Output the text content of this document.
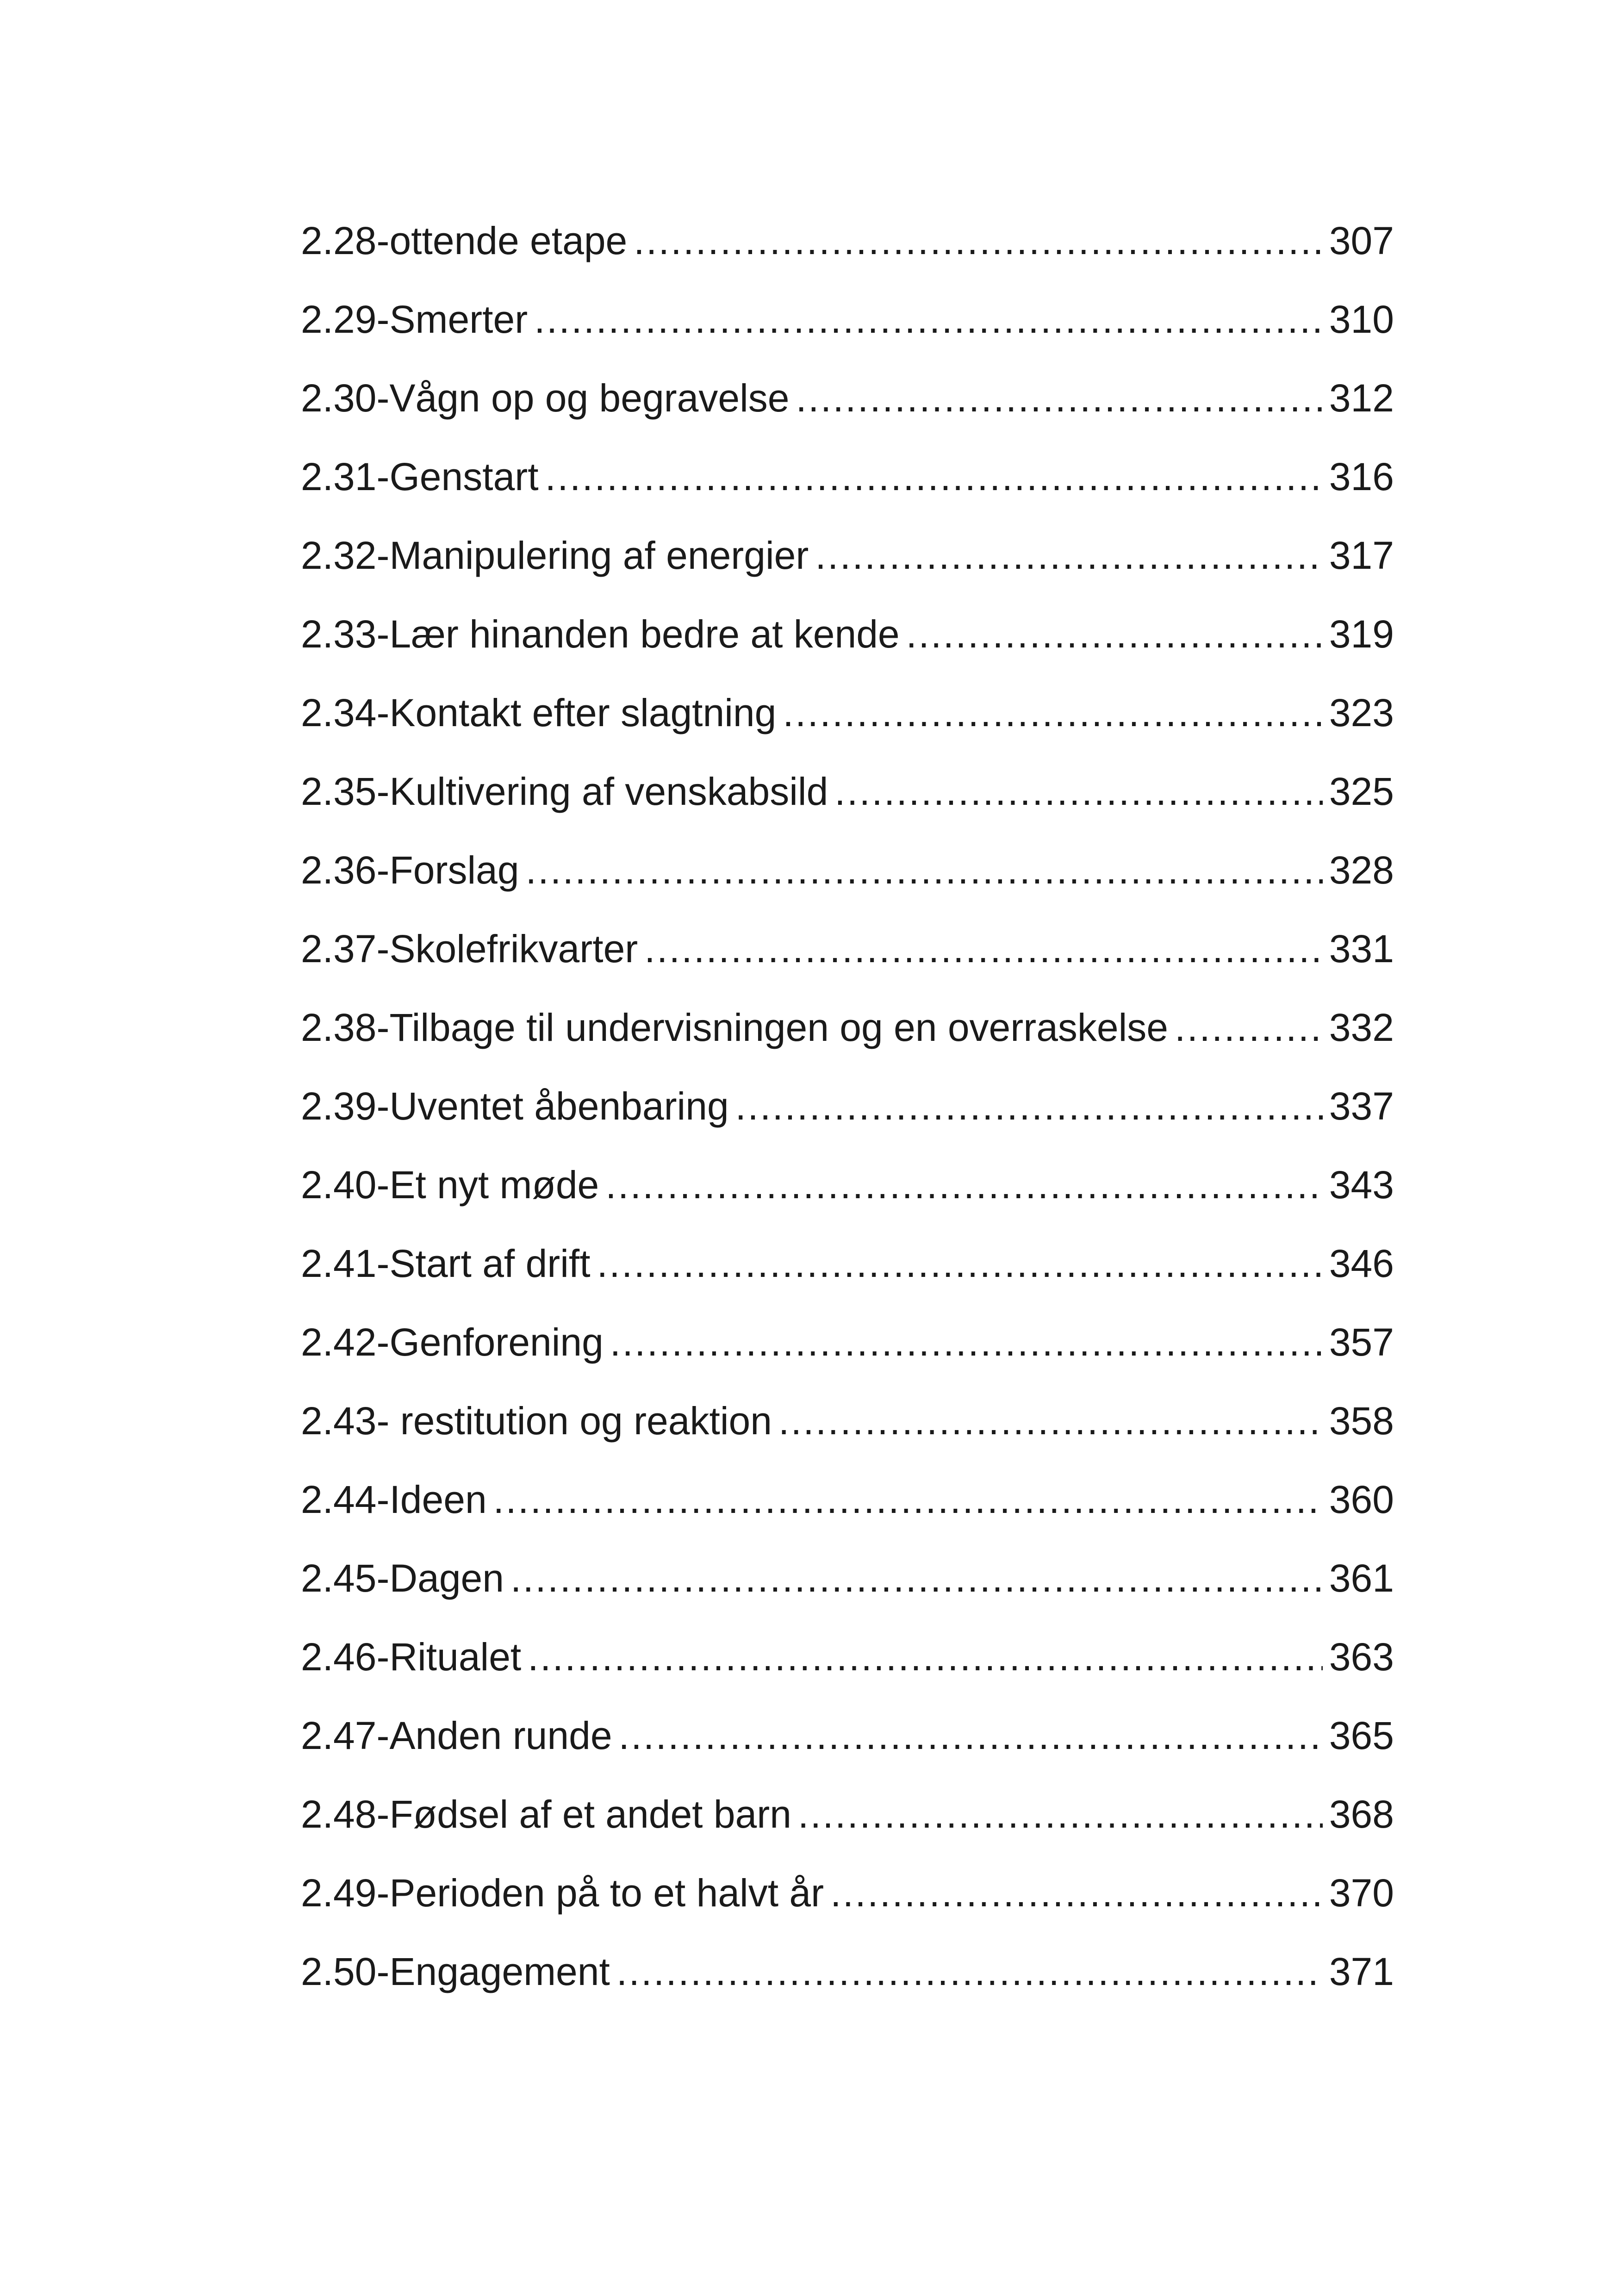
2.28-ottende etape . . .	307
2.29-Smerter . . .	310
2.30-Vågn op og begravelse . . .	312
2.31-Genstart . . .	316
2.32-Manipulering af energier . . .	317
2.33-Lær hinanden bedre at kende . . .	319
2.34-Kontakt efter slagtning . . .	323
2.35-Kultivering af venskabsild . . .	325
2.36-Forslag . . .	328
2.37-Skolefrikvarter . . .	331
2.38-Tilbage til undervisningen og en overraskelse . . .	332
2.39-Uventet åbenbaring . . .	337
2.40-Et nyt møde . . .	343
2.41-Start af drift . . .	346
2.42-Genforening . . .	357
2.43- restitution og reaktion . . .	358
2.44-Ideen . . .	360
2.45-Dagen . . .	361
2.46-Ritualet . . .	363
2.47-Anden runde . . .	365
2.48-Fødsel af et andet barn . . .	368
2.49-Perioden på to et halvt år . . .	370
2.50-Engagement . . .	371
